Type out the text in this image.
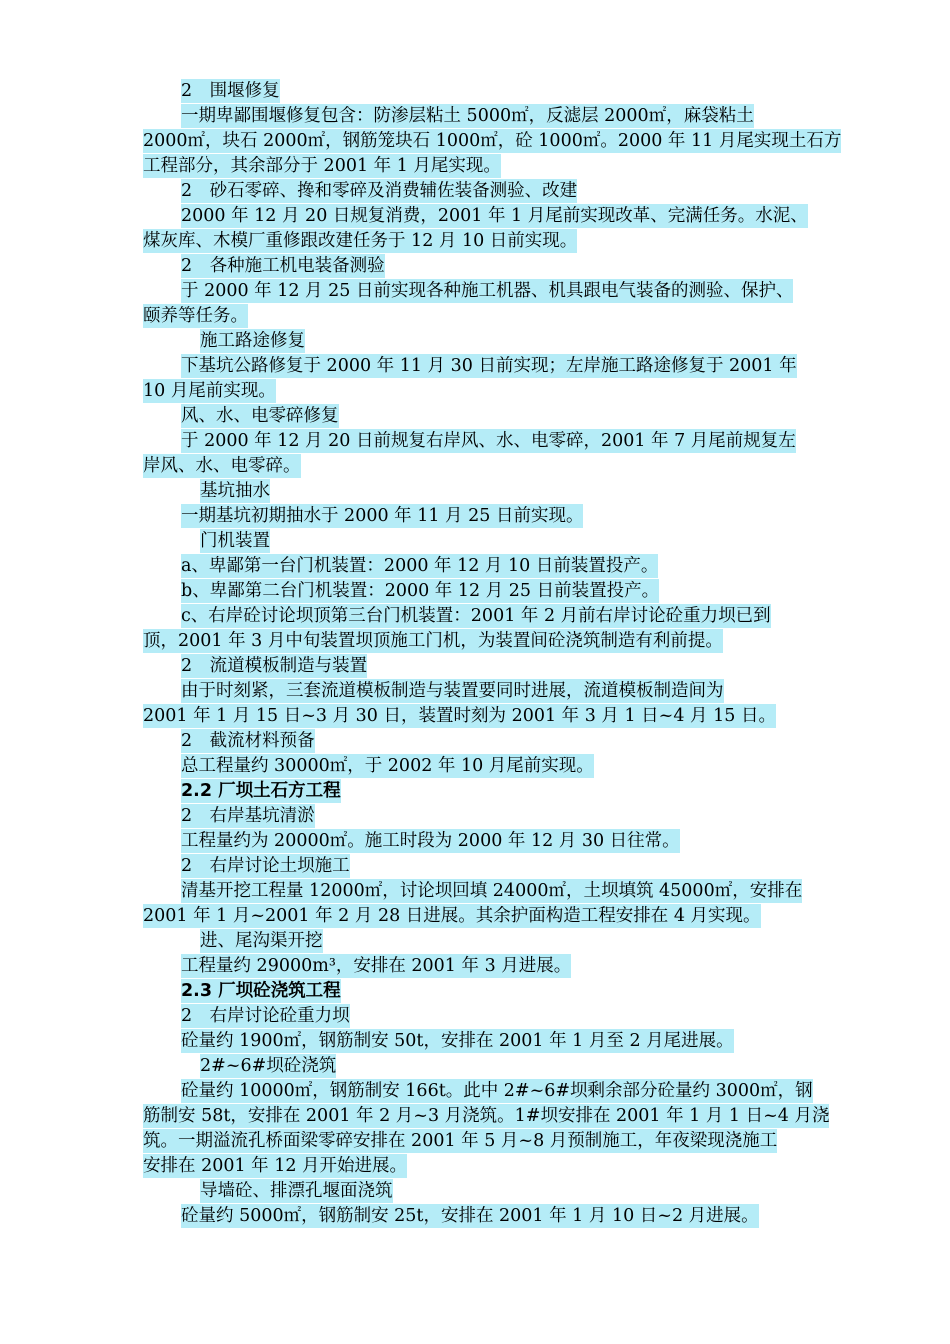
2　围堰修复
一期卑鄙围堰修复包含：防渗层粘土 5000㎡，反滤层 2000㎡，麻袋粘土
2000㎡，块石 2000㎡，钢筋笼块石 1000㎡，砼 1000㎡。2000 年 11 月尾实现土石方
工程部分，其余部分于 2001 年 1 月尾实现。
2　砂石零碎、搀和零碎及消费辅佐装备测验、改建
2000 年 12 月 20 日规复消费，2001 年 1 月尾前实现改革、完满任务。水泥、
煤灰库、木模厂重修跟改建任务于 12 月 10 日前实现。
2　各种施工机电装备测验
于 2000 年 12 月 25 日前实现各种施工机器、机具跟电气装备的测验、保护、
颐养等任务。
施工路途修复
下基坑公路修复于 2000 年 11 月 30 日前实现；左岸施工路途修复于 2001 年
10 月尾前实现。
风、水、电零碎修复
于 2000 年 12 月 20 日前规复右岸风、水、电零碎，2001 年 7 月尾前规复左
岸风、水、电零碎。
基坑抽水
一期基坑初期抽水于 2000 年 11 月 25 日前实现。
门机装置
a、卑鄙第一台门机装置：2000 年 12 月 10 日前装置投产。
b、卑鄙第二台门机装置：2000 年 12 月 25 日前装置投产。
c、右岸砼讨论坝顶第三台门机装置：2001 年 2 月前右岸讨论砼重力坝已到
顶，2001 年 3 月中旬装置坝顶施工门机，为装置间砼浇筑制造有利前提。
2　流道模板制造与装置
由于时刻紧，三套流道模板制造与装置要同时进展，流道模板制造间为
2001 年 1 月 15 日~3 月 30 日，装置时刻为 2001 年 3 月 1 日~4 月 15 日。
2　截流材料预备
总工程量约 30000㎡，于 2002 年 10 月尾前实现。
2.2 厂坝土石方工程
2　右岸基坑清淤
工程量约为 20000㎡。施工时段为 2000 年 12 月 30 日往常。
2　右岸讨论土坝施工
清基开挖工程量 12000㎡，讨论坝回填 24000㎡，土坝填筑 45000㎡，安排在
2001 年 1 月~2001 年 2 月 28 日进展。其余护面构造工程安排在 4 月实现。
进、尾沟渠开挖
工程量约 29000m³，安排在 2001 年 3 月进展。
2.3 厂坝砼浇筑工程
2　右岸讨论砼重力坝
砼量约 1900㎡，钢筋制安 50t，安排在 2001 年 1 月至 2 月尾进展。
2#~6#坝砼浇筑
砼量约 10000㎡，钢筋制安 166t。此中 2#~6#坝剩余部分砼量约 3000㎡，钢
筋制安 58t，安排在 2001 年 2 月~3 月浇筑。1#坝安排在 2001 年 1 月 1 日~4 月浇
筑。一期溢流孔桥面梁零碎安排在 2001 年 5 月~8 月预制施工，年夜梁现浇施工
安排在 2001 年 12 月开始进展。
导墙砼、排漂孔堰面浇筑
砼量约 5000㎡，钢筋制安 25t，安排在 2001 年 1 月 10 日~2 月进展。
